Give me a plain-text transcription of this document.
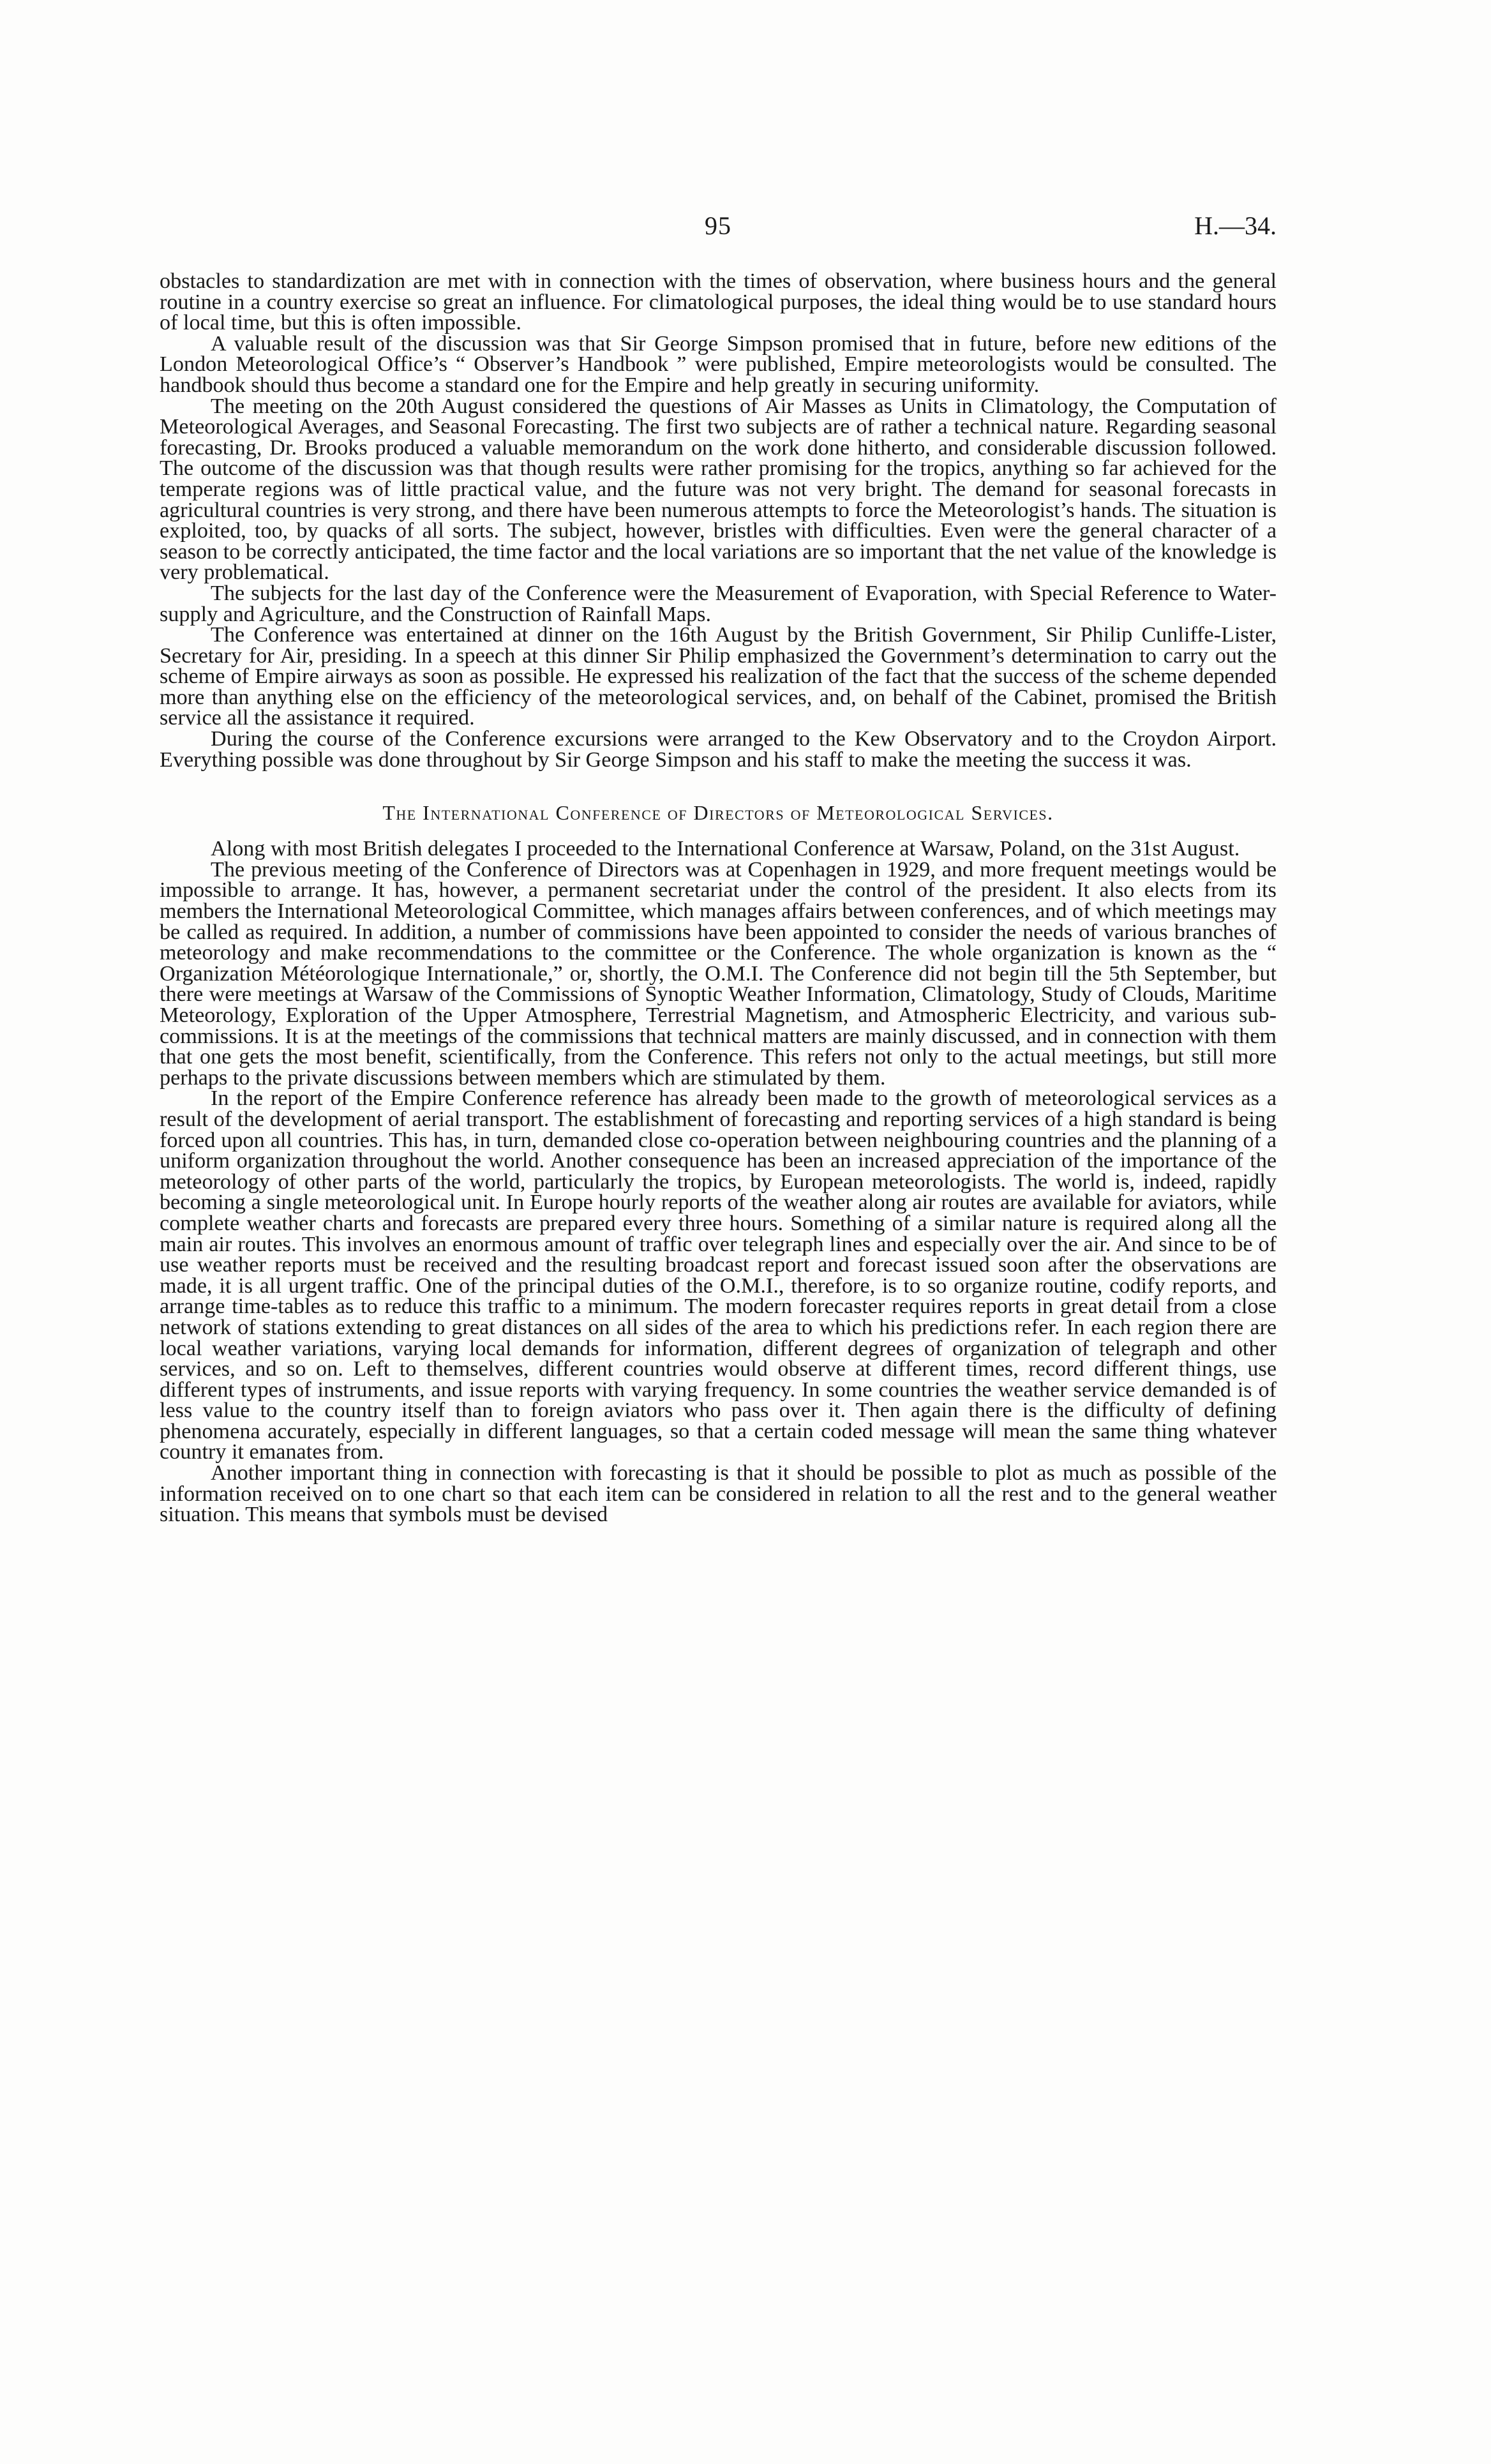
95	H.—34.

obstacles to standardization are met with in connection with the times of observation, where business hours and the general routine in a country exercise so great an influence. For climatological purposes, the ideal thing would be to use standard hours of local time, but this is often impossible.

A valuable result of the discussion was that Sir George Simpson promised that in future, before new editions of the London Meteorological Office’s “ Observer’s Handbook ” were published, Empire meteorologists would be consulted. The handbook should thus become a standard one for the Empire and help greatly in securing uniformity.

The meeting on the 20th August considered the questions of Air Masses as Units in Climatology, the Computation of Meteorological Averages, and Seasonal Forecasting. The first two subjects are of rather a technical nature. Regarding seasonal forecasting, Dr. Brooks produced a valuable memorandum on the work done hitherto, and considerable discussion followed. The outcome of the discussion was that though results were rather promising for the tropics, anything so far achieved for the temperate regions was of little practical value, and the future was not very bright. The demand for seasonal forecasts in agricultural countries is very strong, and there have been numerous attempts to force the Meteorologist’s hands. The situation is exploited, too, by quacks of all sorts. The subject, however, bristles with difficulties. Even were the general character of a season to be correctly anticipated, the time factor and the local variations are so important that the net value of the knowledge is very problematical.

The subjects for the last day of the Conference were the Measurement of Evaporation, with Special Reference to Water-supply and Agriculture, and the Construction of Rainfall Maps.

The Conference was entertained at dinner on the 16th August by the British Government, Sir Philip Cunliffe-Lister, Secretary for Air, presiding. In a speech at this dinner Sir Philip emphasized the Government’s determination to carry out the scheme of Empire airways as soon as possible. He expressed his realization of the fact that the success of the scheme depended more than anything else on the efficiency of the meteorological services, and, on behalf of the Cabinet, promised the British service all the assistance it required.

During the course of the Conference excursions were arranged to the Kew Observatory and to the Croydon Airport. Everything possible was done throughout by Sir George Simpson and his staff to make the meeting the success it was.

The International Conference of Directors of Meteorological Services.

Along with most British delegates I proceeded to the International Conference at Warsaw, Poland, on the 31st August.

The previous meeting of the Conference of Directors was at Copenhagen in 1929, and more frequent meetings would be impossible to arrange. It has, however, a permanent secretariat under the control of the president. It also elects from its members the International Meteorological Committee, which manages affairs between conferences, and of which meetings may be called as required. In addition, a number of commissions have been appointed to consider the needs of various branches of meteorology and make recommendations to the committee or the Conference. The whole organization is known as the “ Organization Météorologique Internationale,” or, shortly, the O.M.I. The Conference did not begin till the 5th September, but there were meetings at Warsaw of the Commissions of Synoptic Weather Information, Climatology, Study of Clouds, Maritime Meteorology, Exploration of the Upper Atmosphere, Terrestrial Magnetism, and Atmospheric Electricity, and various sub-commissions. It is at the meetings of the commissions that technical matters are mainly discussed, and in connection with them that one gets the most benefit, scientifically, from the Conference. This refers not only to the actual meetings, but still more perhaps to the private discussions between members which are stimulated by them.

In the report of the Empire Conference reference has already been made to the growth of meteorological services as a result of the development of aerial transport. The establishment of forecasting and reporting services of a high standard is being forced upon all countries. This has, in turn, demanded close co-operation between neighbouring countries and the planning of a uniform organization throughout the world. Another consequence has been an increased appreciation of the importance of the meteorology of other parts of the world, particularly the tropics, by European meteorologists. The world is, indeed, rapidly becoming a single meteorological unit. In Europe hourly reports of the weather along air routes are available for aviators, while complete weather charts and forecasts are prepared every three hours. Something of a similar nature is required along all the main air routes. This involves an enormous amount of traffic over telegraph lines and especially over the air. And since to be of use weather reports must be received and the resulting broadcast report and forecast issued soon after the observations are made, it is all urgent traffic. One of the principal duties of the O.M.I., therefore, is to so organize routine, codify reports, and arrange time-tables as to reduce this traffic to a minimum. The modern forecaster requires reports in great detail from a close network of stations extending to great distances on all sides of the area to which his predictions refer. In each region there are local weather variations, varying local demands for information, different degrees of organization of telegraph and other services, and so on. Left to themselves, different countries would observe at different times, record different things, use different types of instruments, and issue reports with varying frequency. In some countries the weather service demanded is of less value to the country itself than to foreign aviators who pass over it. Then again there is the difficulty of defining phenomena accurately, especially in different languages, so that a certain coded message will mean the same thing whatever country it emanates from.

Another important thing in connection with forecasting is that it should be possible to plot as much as possible of the information received on to one chart so that each item can be considered in relation to all the rest and to the general weather situation. This means that symbols must be devised
